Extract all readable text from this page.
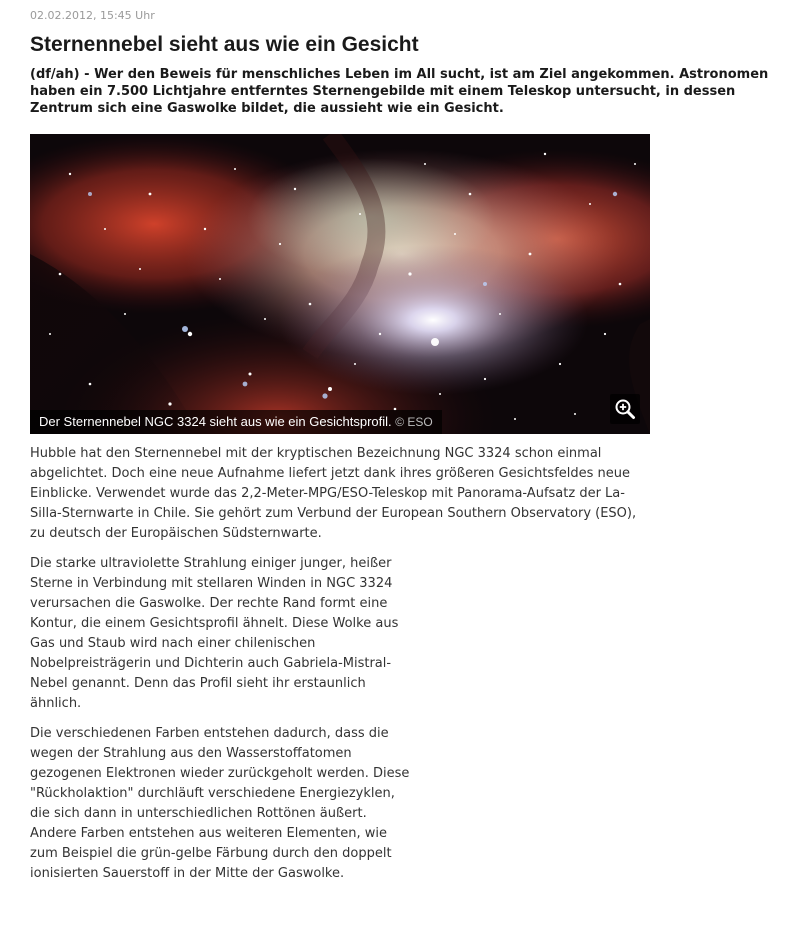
02.02.2012, 15:45 Uhr
Sternennebel sieht aus wie ein Gesicht

(df/ah) - Wer den Beweis für menschliches Leben im All sucht, ist am Ziel angekommen. Astronomen haben ein 7.500 Lichtjahre entferntes Sternengebilde mit einem Teleskop untersucht, in dessen Zentrum sich eine Gaswolke bildet, die aussieht wie ein Gesicht.

Der Sternennebel NGC 3324 sieht aus wie ein Gesichtsprofil. © ESO

Hubble hat den Sternennebel mit der kryptischen Bezeichnung NGC 3324 schon einmal abgelichtet. Doch eine neue Aufnahme liefert jetzt dank ihres größeren Gesichtsfeldes neue Einblicke. Verwendet wurde das 2,2-Meter-MPG/ESO-Teleskop mit Panorama-Aufsatz der La-Silla-Sternwarte in Chile. Sie gehört zum Verbund der European Southern Observatory (ESO), zu deutsch der Europäischen Südsternwarte.

Die starke ultraviolette Strahlung einiger junger, heißer Sterne in Verbindung mit stellaren Winden in NGC 3324 verursachen die Gaswolke. Der rechte Rand formt eine Kontur, die einem Gesichtsprofil ähnelt. Diese Wolke aus Gas und Staub wird nach einer chilenischen Nobelpreisträgerin und Dichterin auch Gabriela-Mistral-Nebel genannt. Denn das Profil sieht ihr erstaunlich ähnlich.

Die verschiedenen Farben entstehen dadurch, dass die wegen der Strahlung aus den Wasserstoffatomen gezogenen Elektronen wieder zurückgeholt werden. Diese "Rückholaktion" durchläuft verschiedene Energiezyklen, die sich dann in unterschiedlichen Rottönen äußert. Andere Farben entstehen aus weiteren Elementen, wie zum Beispiel die grün-gelbe Färbung durch den doppelt ionisierten Sauerstoff in der Mitte der Gaswolke.
